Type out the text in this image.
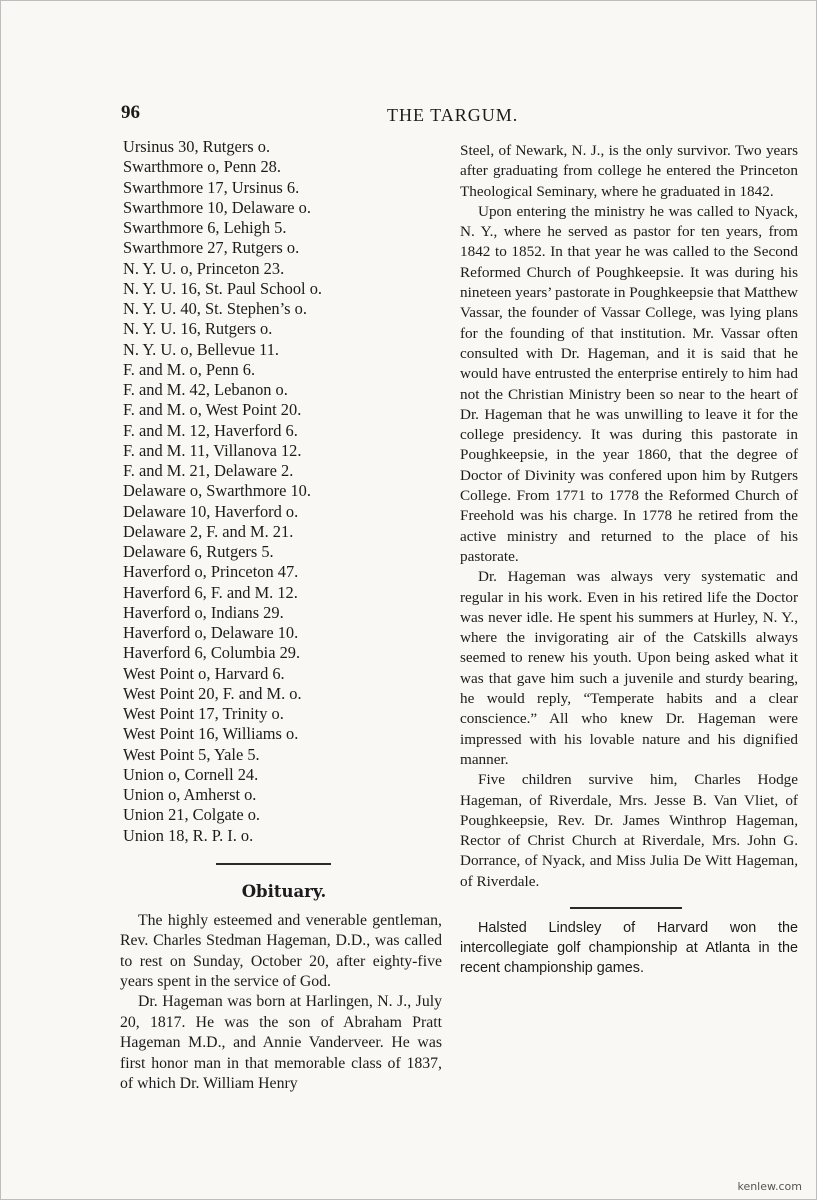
96	THE TARGUM.
Ursinus 30, Rutgers o.
Swarthmore o, Penn 28.
Swarthmore 17, Ursinus 6.
Swarthmore 10, Delaware o.
Swarthmore 6, Lehigh 5.
Swarthmore 27, Rutgers o.
N. Y. U. o, Princeton 23.
N. Y. U. 16, St. Paul School o.
N. Y. U. 40, St. Stephen’s o.
N. Y. U. 16, Rutgers o.
N. Y. U. o, Bellevue 11.
F. and M. o, Penn 6.
F. and M. 42, Lebanon o.
F. and M. o, West Point 20.
F. and M. 12, Haverford 6.
F. and M. 11, Villanova 12.
F. and M. 21, Delaware 2.
Delaware o, Swarthmore 10.
Delaware 10, Haverford o.
Delaware 2, F. and M. 21.
Delaware 6, Rutgers 5.
Haverford o, Princeton 47.
Haverford 6, F. and M. 12.
Haverford o, Indians 29.
Haverford o, Delaware 10.
Haverford 6, Columbia 29.
West Point o, Harvard 6.
West Point 20, F. and M. o.
West Point 17, Trinity o.
West Point 16, Williams o.
West Point 5, Yale 5.
Union o, Cornell 24.
Union o, Amherst o.
Union 21, Colgate o.
Union 18, R. P. I. o.
Obituary.

The highly esteemed and venerable gentleman, Rev. Charles Stedman Hageman, D.D., was called to rest on Sunday, October 20, after eighty-five years spent in the service of God.

Dr. Hageman was born at Harlingen, N. J., July 20, 1817. He was the son of Abraham Pratt Hageman M.D., and Annie Vanderveer. He was first honor man in that memorable class of 1837, of which Dr. William Henry

Steel, of Newark, N. J., is the only survivor. Two years after graduating from college he entered the Princeton Theological Seminary, where he graduated in 1842.

Upon entering the ministry he was called to Nyack, N. Y., where he served as pastor for ten years, from 1842 to 1852. In that year he was called to the Second Reformed Church of Poughkeepsie. It was during his nineteen years’ pastorate in Poughkeepsie that Matthew Vassar, the founder of Vassar College, was lying plans for the founding of that institution. Mr. Vassar often consulted with Dr. Hageman, and it is said that he would have entrusted the enterprise entirely to him had not the Christian Ministry been so near to the heart of Dr. Hageman that he was unwilling to leave it for the college presidency. It was during this pastorate in Poughkeepsie, in the year 1860, that the degree of Doctor of Divinity was confered upon him by Rutgers College. From 1771 to 1778 the Reformed Church of Freehold was his charge. In 1778 he retired from the active ministry and returned to the place of his pastorate.

Dr. Hageman was always very systematic and regular in his work. Even in his retired life the Doctor was never idle. He spent his summers at Hurley, N. Y., where the invigorating air of the Catskills always seemed to renew his youth. Upon being asked what it was that gave him such a juvenile and sturdy bearing, he would reply, “Temperate habits and a clear conscience.” All who knew Dr. Hageman were impressed with his lovable nature and his dignified manner.

Five children survive him, Charles Hodge Hageman, of Riverdale, Mrs. Jesse B. Van Vliet, of Poughkeepsie, Rev. Dr. James Winthrop Hageman, Rector of Christ Church at Riverdale, Mrs. John G. Dorrance, of Nyack, and Miss Julia De Witt Hageman, of Riverdale.

Halsted Lindsley of Harvard won the intercollegiate golf championship at Atlanta in the recent championship games.

kenlew.com
